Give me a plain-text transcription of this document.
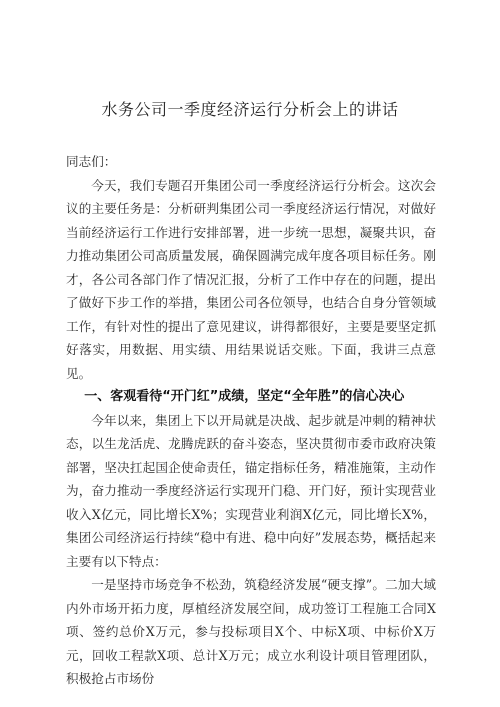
水务公司一季度经济运行分析会上的讲话
同志们：

今天，我们专题召开集团公司一季度经济运行分析会。这次会议的主要任务是：分析研判集团公司一季度经济运行情况，对做好当前经济运行工作进行安排部署，进一步统一思想，凝聚共识，奋力推动集团公司高质量发展，确保圆满完成年度各项目标任务。刚才，各公司各部门作了情况汇报，分析了工作中存在的问题，提出了做好下步工作的举措，集团公司各位领导，也结合自身分管领域工作，有针对性的提出了意见建议，讲得都很好，主要是要坚定抓好落实，用数据、用实绩、用结果说话交账。下面，我讲三点意见。

一、客观看待“开门红”成绩，坚定“全年胜”的信心决心

今年以来，集团上下以开局就是决战、起步就是冲刺的精神状态，以生龙活虎、龙腾虎跃的奋斗姿态，坚决贯彻市委市政府决策部署，坚决扛起国企使命责任，锚定指标任务，精准施策，主动作为，奋力推动一季度经济运行实现开门稳、开门好，预计实现营业收入X亿元，同比增长X%；实现营业利润X亿元，同比增长X%，集团公司经济运行持续“稳中有进、稳中向好”发展态势，概括起来主要有以下特点：

一是坚持市场竞争不松劲，筑稳经济发展“硬支撑”。二加大域内外市场开拓力度，厚植经济发展空间，成功签订工程施工合同X项、签约总价X万元，参与投标项目X个、中标X项、中标价X万元，回收工程款X项、总计X万元；成立水利设计项目管理团队，积极抢占市场份
